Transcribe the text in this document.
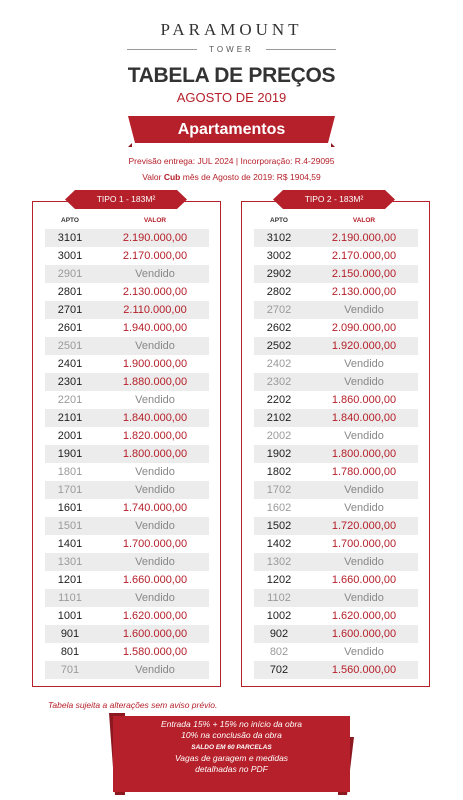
PARAMOUNT
TOWER
TABELA DE PREÇOS
AGOSTO DE 2019
Apartamentos
Previsão entrega: JUL 2024 | Incorporação: R.4-29095
Valor Cub mês de Agosto de 2019: R$ 1904,59
TIPO 1 - 183M²
APTO	VALOR
3101	2.190.000,00
3001	2.170.000,00
2901	Vendido
2801	2.130.000,00
2701	2.110.000,00
2601	1.940.000,00
2501	Vendido
2401	1.900.000,00
2301	1.880.000,00
2201	Vendido
2101	1.840.000,00
2001	1.820.000,00
1901	1.800.000,00
1801	Vendido
1701	Vendido
1601	1.740.000,00
1501	Vendido
1401	1.700.000,00
1301	Vendido
1201	1.660.000,00
1101	Vendido
1001	1.620.000,00
901	1.600.000,00
801	1.580.000,00
701	Vendido
TIPO 2 - 183M²
APTO	VALOR
3102	2.190.000,00
3002	2.170.000,00
2902	2.150.000,00
2802	2.130.000,00
2702	Vendido
2602	2.090.000,00
2502	1.920.000,00
2402	Vendido
2302	Vendido
2202	1.860.000,00
2102	1.840.000,00
2002	Vendido
1902	1.800.000,00
1802	1.780.000,00
1702	Vendido
1602	Vendido
1502	1.720.000,00
1402	1.700.000,00
1302	Vendido
1202	1.660.000,00
1102	Vendido
1002	1.620.000,00
902	1.600.000,00
802	Vendido
702	1.560.000,00
Tabela sujeita a alterações sem aviso prévio.
Entrada 15% + 15% no início da obra
10% na conclusão da obra
SALDO EM 60 PARCELAS
Vagas de garagem e medidas
detalhadas no PDF
